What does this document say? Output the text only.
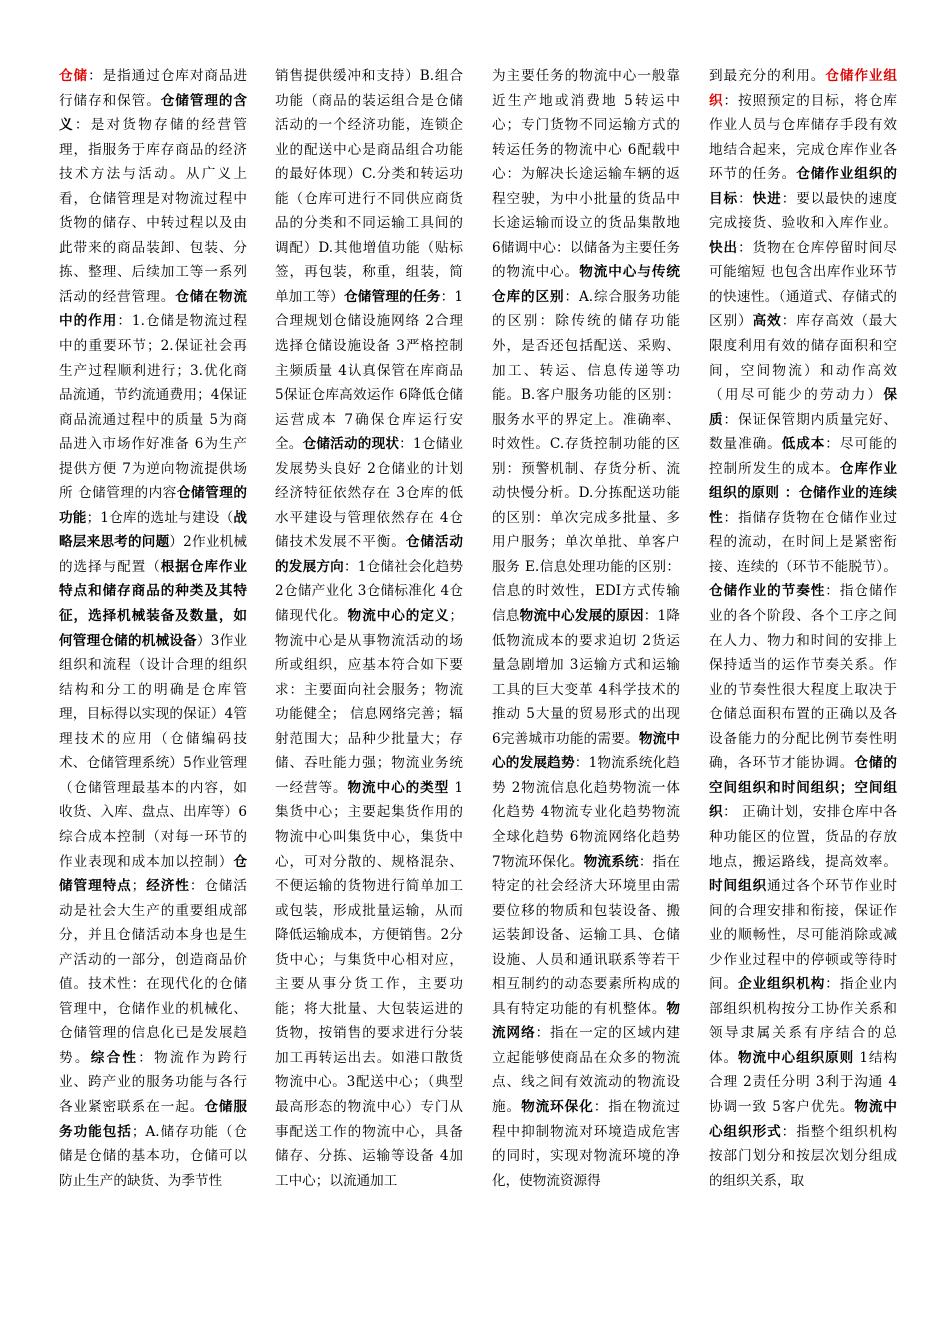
仓储：是指通过仓库对商品进行储存和保管。仓储管理的含义：是对货物存储的经营管理，指服务于库存商品的经济技术方法与活动。从广义上看，仓储管理是对物流过程中货物的储存、中转过程以及由此带来的商品装卸、包装、分拣、整理、后续加工等一系列活动的经营管理。仓储在物流中的作用：1.仓储是物流过程中的重要环节；2.保证社会再生产过程顺利进行；3.优化商品流通，节约流通费用；4保证商品流通过程中的质量 5为商品进入市场作好准备 6为生产提供方便 7为逆向物流提供场所 仓储管理的内容仓储管理的功能；1仓库的选址与建设（战略层来思考的问题）2作业机械的选择与配置（根据仓库作业特点和储存商品的种类及其特征，选择机械装备及数量，如何管理仓储的机械设备）3作业组织和流程（设计合理的组织结构和分工的明确是仓库管理，目标得以实现的保证）4管理技术的应用（仓储编码技术、仓储管理系统）5作业管理（仓储管理最基本的内容，如收货、入库、盘点、出库等）6综合成本控制（对每一环节的作业表现和成本加以控制）仓储管理特点；经济性：仓储活动是社会大生产的重要组成部分，并且仓储活动本身也是生产活动的一部分，创造商品价值。技术性：在现代化的仓储管理中，仓储作业的机械化、仓储管理的信息化已是发展趋势。综合性：物流作为跨行业、跨产业的服务功能与各行各业紧密联系在一起。仓储服务功能包括；A.储存功能（仓储是仓储的基本功，仓储可以防止生产的缺货、为季节性
销售提供缓冲和支持）B.组合功能（商品的装运组合是仓储活动的一个经济功能，连锁企业的配送中心是商品组合功能的最好体现）C.分类和转运功能（仓库可进行不同供应商货品的分类和不同运输工具间的调配）D.其他增值功能（贴标签，再包装，称重，组装，简单加工等）仓储管理的任务：1合理规划仓储设施网络 2合理选择仓储设施设备 3严格控制主频质量 4认真保管在库商品 5保证仓库高效运作 6降低仓储运营成本 7确保仓库运行安全。仓储活动的现状：1仓储业发展势头良好 2仓储业的计划经济特征依然存在 3仓库的低水平建设与管理依然存在 4仓储技术发展不平衡。仓储活动的发展方向：1仓储社会化趋势 2仓储产业化 3仓储标准化 4仓储现代化。物流中心的定义；物流中心是从事物流活动的场所或组织，应基本符合如下要求：主要面向社会服务；物流功能健全； 信息网络完善；辐射范围大；品种少批量大；存储、吞吐能力强；物流业务统一经营等。物流中心的类型 1集货中心；主要起集货作用的物流中心叫集货中心，集货中心，可对分散的、规格混杂、不便运输的货物进行简单加工或包装，形成批量运输，从而降低运输成本，方便销售。2分货中心；与集货中心相对应，主要从事分货工作，主要功能；将大批量、大包装运进的货物，按销售的要求进行分装加工再转运出去。如港口散货物流中心。3配送中心；（典型最高形态的物流中心）专门从事配送工作的物流中心，具备储存、分拣、运输等设备 4加工中心；以流通加工
为主要任务的物流中心一般靠近生产地或消费地 5转运中心；专门货物不同运输方式的转运任务的物流中心 6配载中心：为解决长途运输车辆的返程空驶，为中小批量的货品中长途运输而设立的货品集散地 6储调中心：以储备为主要任务的物流中心。物流中心与传统仓库的区别：A.综合服务功能的区别：除传统的储存功能外，是否还包括配送、采购、加工、转运、信息传递等功能。B.客户服务功能的区别：服务水平的界定上。准确率、时效性。C.存货控制功能的区别：预警机制、存货分析、流动快慢分析。D.分拣配送功能的区别：单次完成多批量、多用户服务；单次单批、单客户服务 E.信息处理功能的区别：信息的时效性，EDI方式传输信息物流中心发展的原因：1降低物流成本的要求迫切 2货运量急剧增加 3运输方式和运输工具的巨大变革 4科学技术的推动 5大量的贸易形式的出现 6完善城市功能的需要。物流中心的发展趋势：1物流系统化趋势 2物流信息化趋势物流一体化趋势 4物流专业化趋势物流全球化趋势 6物流网络化趋势 7物流环保化。物流系统：指在特定的社会经济大环境里由需要位移的物质和包装设备、搬运装卸设备、运输工具、仓储设施、人员和通讯联系等若干相互制约的动态要素所构成的具有特定功能的有机整体。物流网络：指在一定的区域内建立起能够使商品在众多的物流点、线之间有效流动的物流设施。物流环保化：指在物流过程中抑制物流对环境造成危害的同时，实现对物流环境的净化，使物流资源得
到最充分的利用。仓储作业组织：按照预定的目标，将仓库作业人员与仓库储存手段有效地结合起来，完成仓库作业各环节的任务。仓储作业组织的目标：快进：要以最快的速度完成接货、验收和入库作业。快出：货物在仓库停留时间尽可能缩短 也包含出库作业环节的快速性。（通道式、存储式的区别）高效：库存高效（最大限度利用有效的储存面积和空间，空间物流）和动作高效（用尽可能少的劳动力）保质：保证保管期内质量完好、数量准确。低成本：尽可能的控制所发生的成本。仓库作业组织的原则 ：仓储作业的连续性：指储存货物在仓储作业过程的流动，在时间上是紧密衔接、连续的（环节不能脱节）。仓储作业的节奏性：指仓储作业的各个阶段、各个工序之间在人力、物力和时间的安排上保持适当的运作节奏关系。作业的节奏性很大程度上取决于仓储总面积布置的正确以及各设备能力的分配比例节奏性明确，各环节才能协调。仓储的空间组织和时间组织；空间组织： 正确计划，安排仓库中各种功能区的位置，货品的存放地点，搬运路线，提高效率。时间组织通过各个环节作业时间的合理安排和衔接，保证作业的顺畅性，尽可能消除或减少作业过程中的停顿或等待时间。企业组织机构：指企业内部组织机构按分工协作关系和领导隶属关系有序结合的总体。物流中心组织原则 1结构合理 2责任分明 3利于沟通 4协调一致 5客户优先。物流中心组织形式：指整个组织机构按部门划分和按层次划分组成的组织关系，取
